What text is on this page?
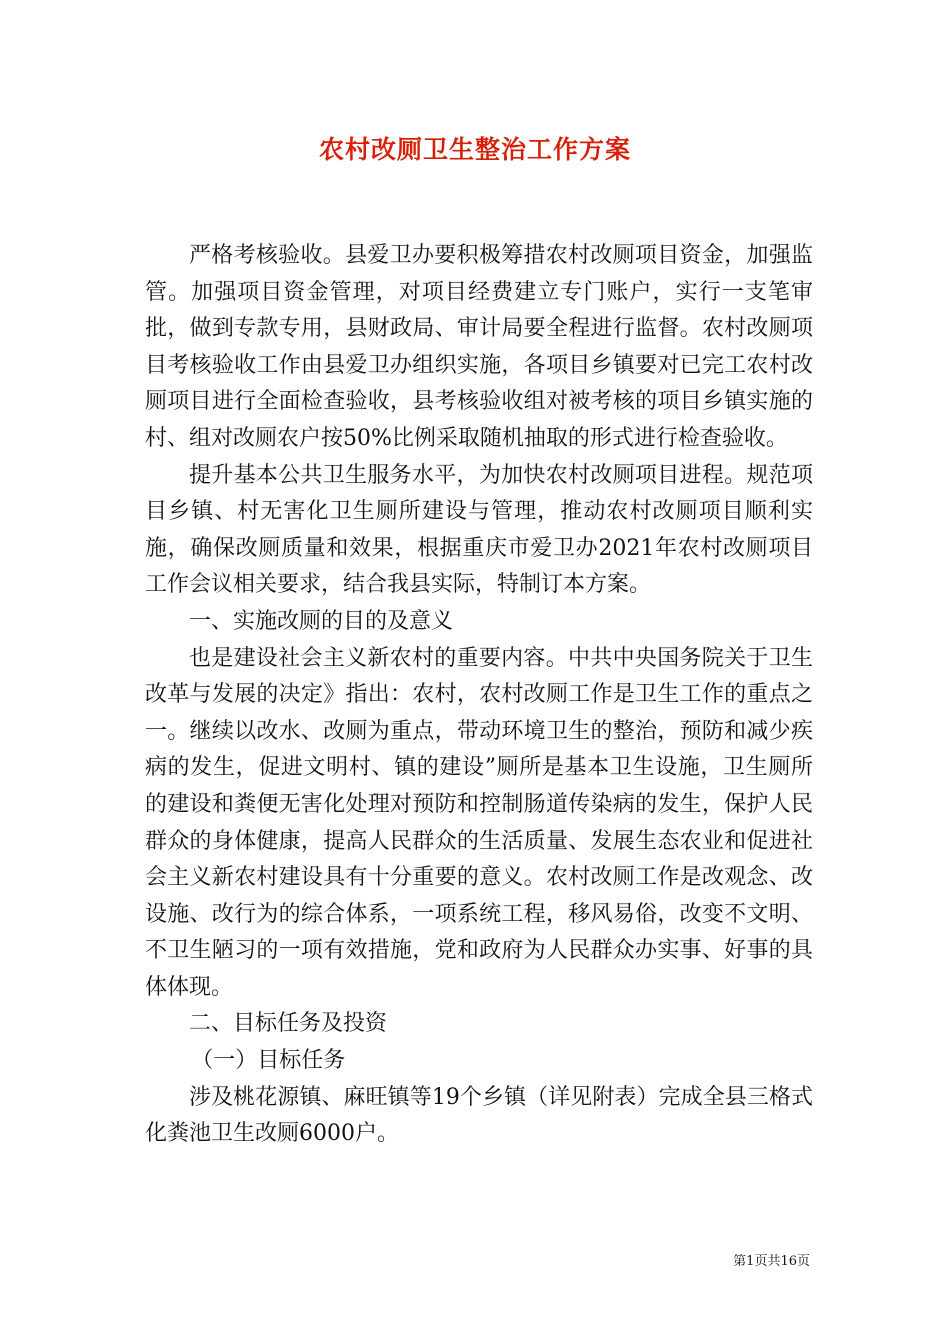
农村改厕卫生整治工作方案

严格考核验收。县爱卫办要积极筹措农村改厕项目资金，加强监管。加强项目资金管理，对项目经费建立专门账户，实行一支笔审批，做到专款专用，县财政局、审计局要全程进行监督。农村改厕项目考核验收工作由县爱卫办组织实施，各项目乡镇要对已完工农村改厕项目进行全面检查验收，县考核验收组对被考核的项目乡镇实施的村、组对改厕农户按50%比例采取随机抽取的形式进行检查验收。

提升基本公共卫生服务水平，为加快农村改厕项目进程。规范项目乡镇、村无害化卫生厕所建设与管理，推动农村改厕项目顺利实施，确保改厕质量和效果，根据重庆市爱卫办2021年农村改厕项目工作会议相关要求，结合我县实际，特制订本方案。

一、实施改厕的目的及意义

也是建设社会主义新农村的重要内容。中共中央国务院关于卫生改革与发展的决定》指出：农村，农村改厕工作是卫生工作的重点之一。继续以改水、改厕为重点，带动环境卫生的整治，预防和减少疾病的发生，促进文明村、镇的建设”厕所是基本卫生设施，卫生厕所的建设和粪便无害化处理对预防和控制肠道传染病的发生，保护人民群众的身体健康，提高人民群众的生活质量、发展生态农业和促进社会主义新农村建设具有十分重要的意义。农村改厕工作是改观念、改设施、改行为的综合体系，一项系统工程，移风易俗，改变不文明、不卫生陋习的一项有效措施，党和政府为人民群众办实事、好事的具体体现。

二、目标任务及投资

（一）目标任务

涉及桃花源镇、麻旺镇等19个乡镇（详见附表）完成全县三格式化粪池卫生改厕6000户。

第1页共16页
